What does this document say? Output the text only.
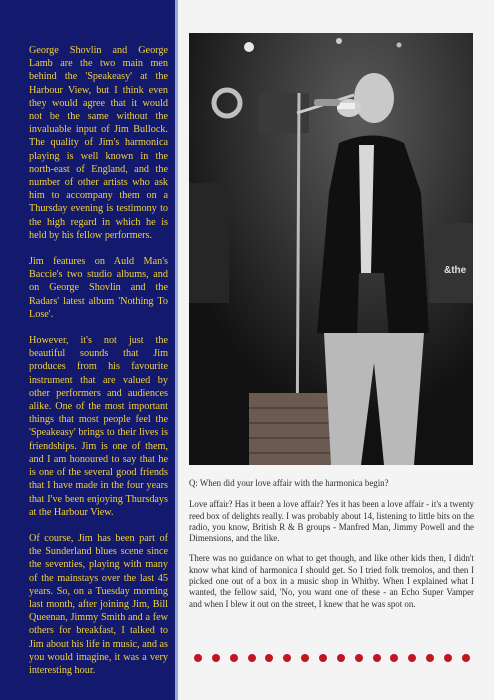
George Shovlin and George Lamb are the two main men behind the 'Speakeasy' at the Harbour View, but I think even they would agree that it would not be the same without the invaluable input of Jim Bullock. The quality of Jim's harmonica playing is well known in the north-east of England, and the number of other artists who ask him to accompany them on a Thursday evening is testimony to the high regard in which he is held by his fellow performers.

Jim features on Auld Man's Baccie's two studio albums, and on George Shovlin and the Radars' latest album 'Nothing To Lose'.

However, it's not just the beautiful sounds that Jim produces from his favourite instrument that are valued by other performers and audiences alike. One of the most important things that most people feel the 'Speakeasy' brings to their lives is friendships. Jim is one of them, and I am honoured to say that he is one of the several good friends that I have made in the four years that I've been enjoying Thursdays at the Harbour View.

Of course, Jim has been part of the Sunderland blues scene since the seventies, playing with many of the mainstays over the last 45 years. So, on a Tuesday morning last month, after joining Jim, Bill Queenan, Jimmy Smith and a few others for breakfast, I talked to Jim about his life in music, and as you would imagine, it was a very interesting hour.

&the

Q: When did your love affair with the harmonica begin?

Love affair? Has it been a love affair? Yes it has been a love affair - it's a twenty reed box of delights really. I was probably about 14, listening to little bits on the radio, you know, British R & B groups - Manfred Man, Jimmy Powell and the Dimensions, and the like.

There was no guidance on what to get though, and like other kids then, I didn't know what kind of harmonica I should get. So I tried folk tremolos, and then I picked one out of a box in a music shop in Whitby. When I explained what I wanted, the fellow said, 'No, you want one of these - an Echo Super Vamper and when I blew it out on the street, I knew that he was spot on.
